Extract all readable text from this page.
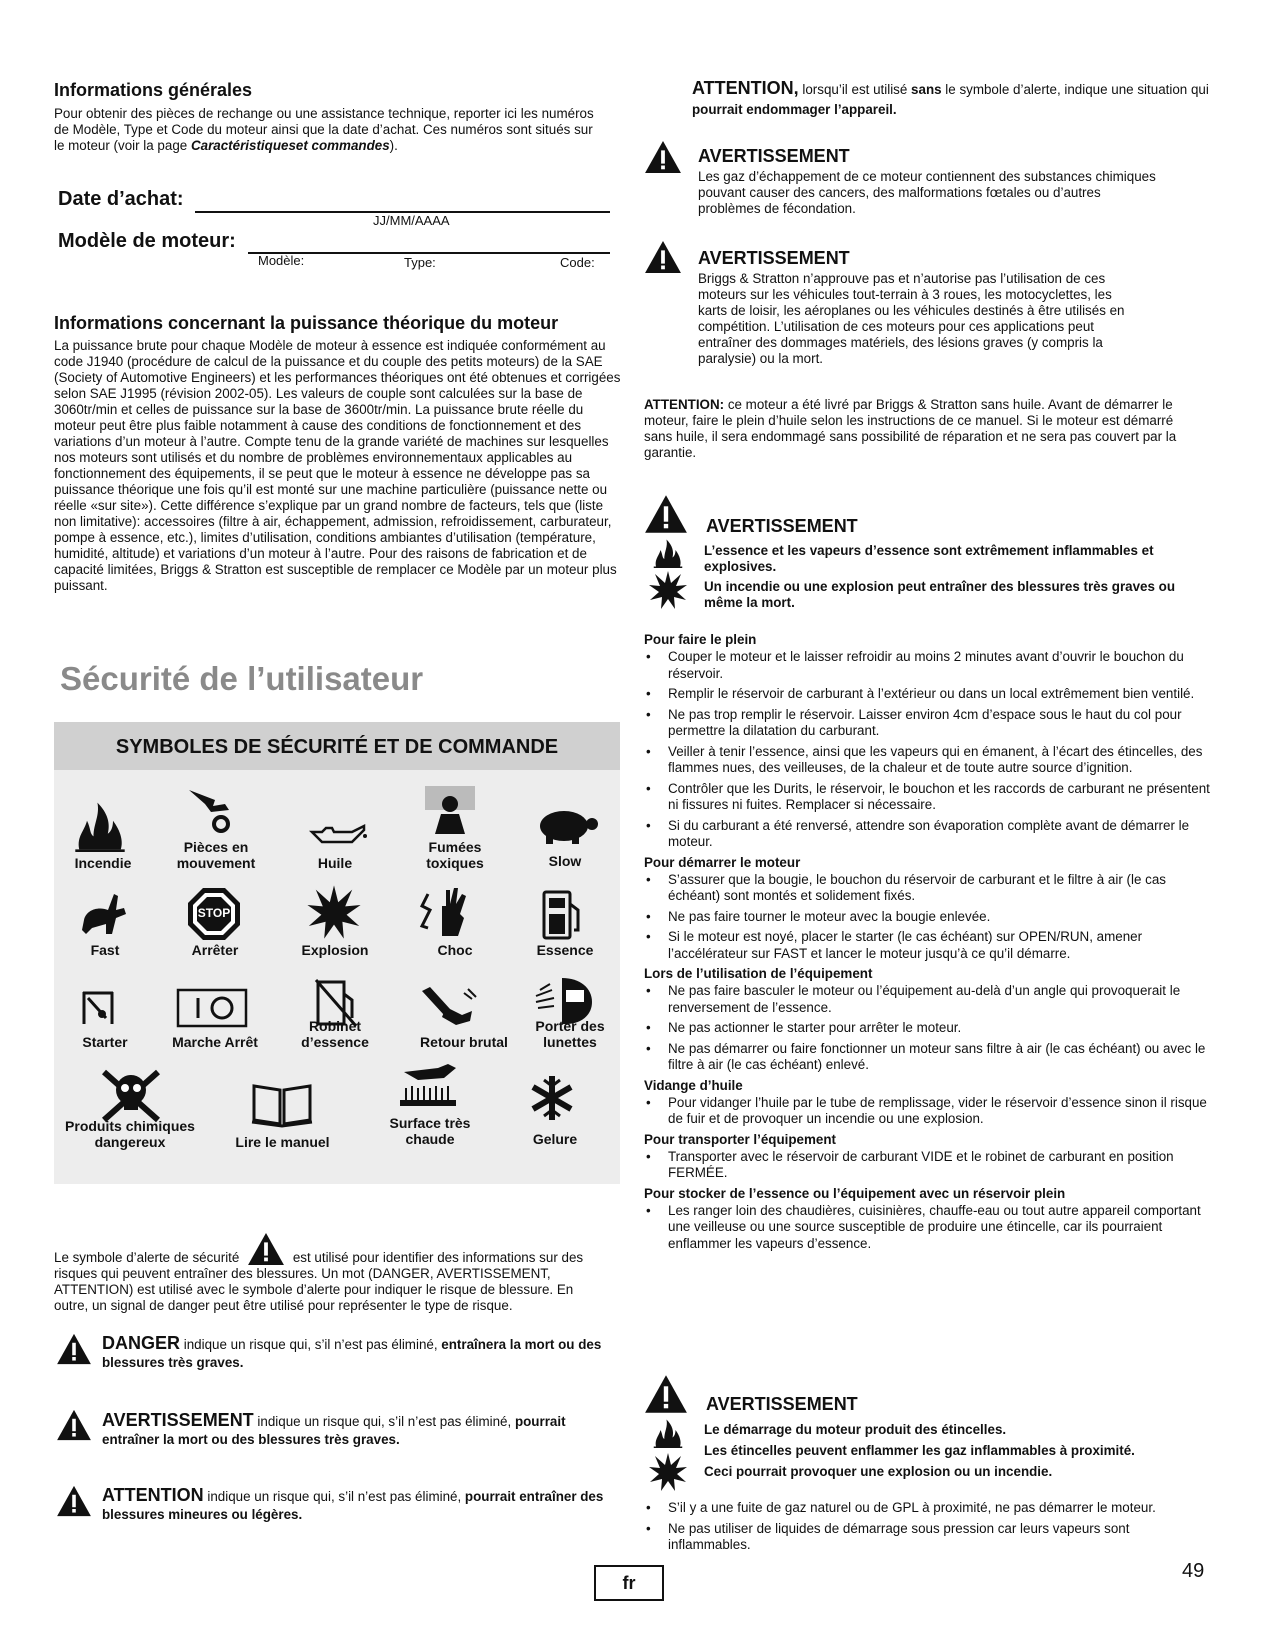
Informations générales

Pour obtenir des pièces de rechange ou une assistance technique, reporter ici les numéros de Modèle, Type et Code du moteur ainsi que la date d’achat. Ces numéros sont situés sur le moteur (voir la page Caractéristiqueset commandes).

Date d’achat:
JJ/MM/AAAA
Modèle de moteur:
Modèle:	Type:	Code:
Informations concernant la puissance théorique du moteur

La puissance brute pour chaque Modèle de moteur à essence est indiquée conformément au code J1940 (procédure de calcul de la puissance et du couple des petits moteurs) de la SAE (Society of Automotive Engineers) et les performances théoriques ont été obtenues et corrigées selon SAE J1995 (révision 2002-05). Les valeurs de couple sont calculées sur la base de 3060tr/min et celles de puissance sur la base de 3600tr/min. La puissance brute réelle du moteur peut être plus faible notamment à cause des conditions de fonctionnement et des variations d’un moteur à l’autre. Compte tenu de la grande variété de machines sur lesquelles nos moteurs sont utilisés et du nombre de problèmes environnementaux applicables au fonctionnement des équipements, il se peut que le moteur à essence ne développe pas sa puissance théorique une fois qu’il est monté sur une machine particulière (puissance nette ou réelle «sur site»). Cette différence s’explique par un grand nombre de facteurs, tels que (liste non limitative): accessoires (filtre à air, échappement, admission, refroidissement, carburateur, pompe à essence, etc.), limites d’utilisation, conditions ambiantes d’utilisation (température, humidité, altitude) et variations d’un moteur à l’autre. Pour des raisons de fabrication et de capacité limitées, Briggs & Stratton est susceptible de remplacer ce Modèle par un moteur plus puissant.

Sécurité de l’utilisateur
SYMBOLES DE SÉCURITÉ ET DE COMMANDE
Incendie
Pièces en mouvement	Huile
Fumées toxiques	Slow
STOP
Fast	Arrêter	Explosion	Choc	Essence
Starter	Marche Arrêt
Robinet d’essence	Retour brutal
Porter des lunettes
Produits chimiques dangereux	Lire le manuel
Surface très chaude	Gelure

Le symbole d’alerte de sécurité	est utilisé pour identifier des informations sur des risques qui peuvent entraîner des blessures. Un mot (DANGER, AVERTISSEMENT, ATTENTION) est utilisé avec le symbole d’alerte pour indiquer le risque de blessure. En outre, un signal de danger peut être utilisé pour représenter le type de risque.

DANGER indique un risque qui, s’il n’est pas éliminé, entraînera la mort ou des blessures très graves.

AVERTISSEMENT indique un risque qui, s’il n’est pas éliminé, pourrait entraîner la mort ou des blessures très graves.

ATTENTION indique un risque qui, s’il n’est pas éliminé, pourrait entraîner des blessures mineures ou légères.

ATTENTION, lorsqu’il est utilisé sans le symbole d’alerte, indique une situation qui pourrait endommager l’appareil.

AVERTISSEMENT

Les gaz d’échappement de ce moteur contiennent des substances chimiques pouvant causer des cancers, des malformations fœtales ou d’autres problèmes de fécondation.

AVERTISSEMENT

Briggs & Stratton n’approuve pas et n’autorise pas l’utilisation de ces moteurs sur les véhicules tout-terrain à 3 roues, les motocyclettes, les karts de loisir, les aéroplanes ou les véhicules destinés à être utilisés en compétition. L’utilisation de ces moteurs pour ces applications peut entraîner des dommages matériels, des lésions graves (y compris la paralysie) ou la mort.

ATTENTION: ce moteur a été livré par Briggs & Stratton sans huile. Avant de démarrer le moteur, faire le plein d’huile selon les instructions de ce manuel. Si le moteur est démarré sans huile, il sera endommagé sans possibilité de réparation et ne sera pas couvert par la garantie.

AVERTISSEMENT

L’essence et les vapeurs d’essence sont extrêmement inflammables et explosives.

Un incendie ou une explosion peut entraîner des blessures très graves ou même la mort.

Pour faire le plein
• Couper le moteur et le laisser refroidir au moins 2 minutes avant d’ouvrir le bouchon du réservoir.
• Remplir le réservoir de carburant à l’extérieur ou dans un local extrêmement bien ventilé.
• Ne pas trop remplir le réservoir. Laisser environ 4cm d’espace sous le haut du col pour permettre la dilatation du carburant.
• Veiller à tenir l’essence, ainsi que les vapeurs qui en émanent, à l’écart des étincelles, des flammes nues, des veilleuses, de la chaleur et de toute autre source d’ignition.
• Contrôler que les Durits, le réservoir, le bouchon et les raccords de carburant ne présentent ni fissures ni fuites. Remplacer si nécessaire.
• Si du carburant a été renversé, attendre son évaporation complète avant de démarrer le moteur.
Pour démarrer le moteur
• S’assurer que la bougie, le bouchon du réservoir de carburant et le filtre à air (le cas échéant) sont montés et solidement fixés.
• Ne pas faire tourner le moteur avec la bougie enlevée.
• Si le moteur est noyé, placer le starter (le cas échéant) sur OPEN/RUN, amener l’accélérateur sur FAST et lancer le moteur jusqu’à ce qu’il démarre.
Lors de l’utilisation de l’équipement
• Ne pas faire basculer le moteur ou l’équipement au-delà d’un angle qui provoquerait le renversement de l’essence.
• Ne pas actionner le starter pour arrêter le moteur.
• Ne pas démarrer ou faire fonctionner un moteur sans filtre à air (le cas échéant) ou avec le filtre à air (le cas échéant) enlevé.
Vidange d’huile
• Pour vidanger l’huile par le tube de remplissage, vider le réservoir d’essence sinon il risque de fuir et de provoquer un incendie ou une explosion.
Pour transporter l’équipement
• Transporter avec le réservoir de carburant VIDE et le robinet de carburant en position FERMÉE.
Pour stocker de l’essence ou l’équipement avec un réservoir plein
• Les ranger loin des chaudières, cuisinières, chauffe-eau ou tout autre appareil comportant une veilleuse ou une source susceptible de produire une étincelle, car ils pourraient enflammer les vapeurs d’essence.
AVERTISSEMENT

Le démarrage du moteur produit des étincelles.

Les étincelles peuvent enflammer les gaz inflammables à proximité.

Ceci pourrait provoquer une explosion ou un incendie.

• S’il y a une fuite de gaz naturel ou de GPL à proximité, ne pas démarrer le moteur.
• Ne pas utiliser de liquides de démarrage sous pression car leurs vapeurs sont inflammables.
fr
49
